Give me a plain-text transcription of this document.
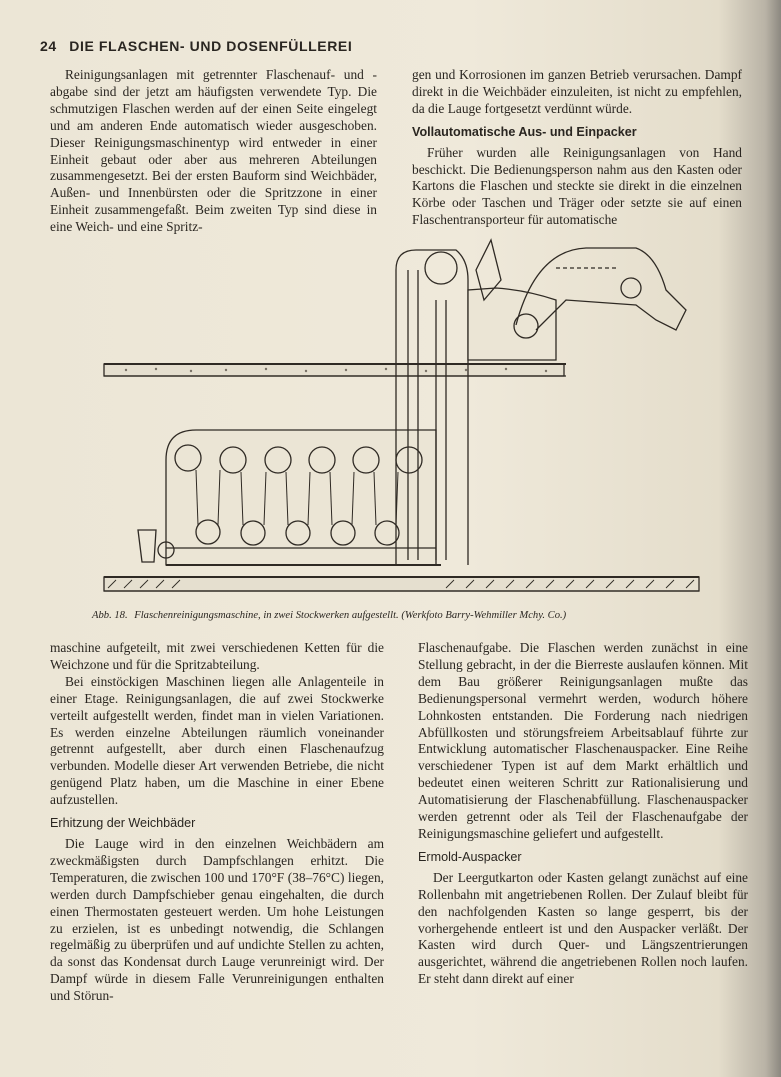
24 DIE FLASCHEN- UND DOSENFÜLLEREI

Reinigungsanlagen mit getrennter Flaschenauf- und -abgabe sind der jetzt am häufigsten verwendete Typ. Die schmutzigen Flaschen werden auf der einen Seite eingelegt und am anderen Ende automatisch wieder ausgeschoben. Dieser Reinigungsmaschinentyp wird entweder in einer Einheit gebaut oder aber aus mehreren Abteilungen zusammengesetzt. Bei der ersten Bauform sind Weichbäder, Außen- und Innenbürsten oder die Spritzzone in einer Einheit zusammengefaßt. Beim zweiten Typ sind diese in eine Weich- und eine Spritz-

gen und Korrosionen im ganzen Betrieb verursachen. Dampf direkt in die Weichbäder einzuleiten, ist nicht zu empfehlen, da die Lauge fortgesetzt verdünnt würde.

Vollautomatische Aus- und Einpacker

Früher wurden alle Reinigungsanlagen von Hand beschickt. Die Bedienungsperson nahm aus den Kasten oder Kartons die Flaschen und steckte sie direkt in die einzelnen Körbe oder Taschen und Träger oder setzte sie auf einen Flaschentransporteur für automatische

Abb. 18. Flaschenreinigungsmaschine, in zwei Stockwerken aufgestellt. (Werkfoto Barry-Wehmiller Mchy. Co.)

maschine aufgeteilt, mit zwei verschiedenen Ketten für die Weichzone und für die Spritzabteilung.

Bei einstöckigen Maschinen liegen alle Anlagenteile in einer Etage. Reinigungsanlagen, die auf zwei Stockwerke verteilt aufgestellt werden, findet man in vielen Variationen. Es werden einzelne Abteilungen räumlich voneinander getrennt aufgestellt, aber durch einen Flaschenaufzug verbunden. Modelle dieser Art verwenden Betriebe, die nicht genügend Platz haben, um die Maschine in einer Ebene aufzustellen.

Erhitzung der Weichbäder

Die Lauge wird in den einzelnen Weichbädern am zweckmäßigsten durch Dampfschlangen erhitzt. Die Temperaturen, die zwischen 100 und 170°F (38–76°C) liegen, werden durch Dampfschieber genau eingehalten, die durch einen Thermostaten gesteuert werden. Um hohe Leistungen zu erzielen, ist es unbedingt notwendig, die Schlangen regelmäßig zu überprüfen und auf undichte Stellen zu achten, da sonst das Kondensat durch Lauge verunreinigt wird. Der Dampf würde in diesem Falle Verunreinigungen enthalten und Störun-

Flaschenaufgabe. Die Flaschen werden zunächst in eine Stellung gebracht, in der die Bierreste auslaufen können. Mit dem Bau größerer Reinigungsanlagen mußte das Bedienungspersonal vermehrt werden, wodurch höhere Lohnkosten entstanden. Die Forderung nach niedrigen Abfüllkosten und störungsfreiem Arbeitsablauf führte zur Entwicklung automatischer Flaschenauspacker. Eine Reihe verschiedener Typen ist auf dem Markt erhältlich und bedeutet einen weiteren Schritt zur Rationalisierung und Automatisierung der Flaschenabfüllung. Flaschenauspacker werden getrennt oder als Teil der Flaschenaufgabe der Reinigungsmaschine geliefert und aufgestellt.

Ermold-Auspacker

Der Leergutkarton oder Kasten gelangt zunächst auf eine Rollenbahn mit angetriebenen Rollen. Der Zulauf bleibt für den nachfolgenden Kasten so lange gesperrt, bis der vorhergehende entleert ist und den Auspacker verläßt. Der Kasten wird durch Quer- und Längszentrierungen ausgerichtet, während die angetriebenen Rollen noch laufen. Er steht dann direkt auf einer
